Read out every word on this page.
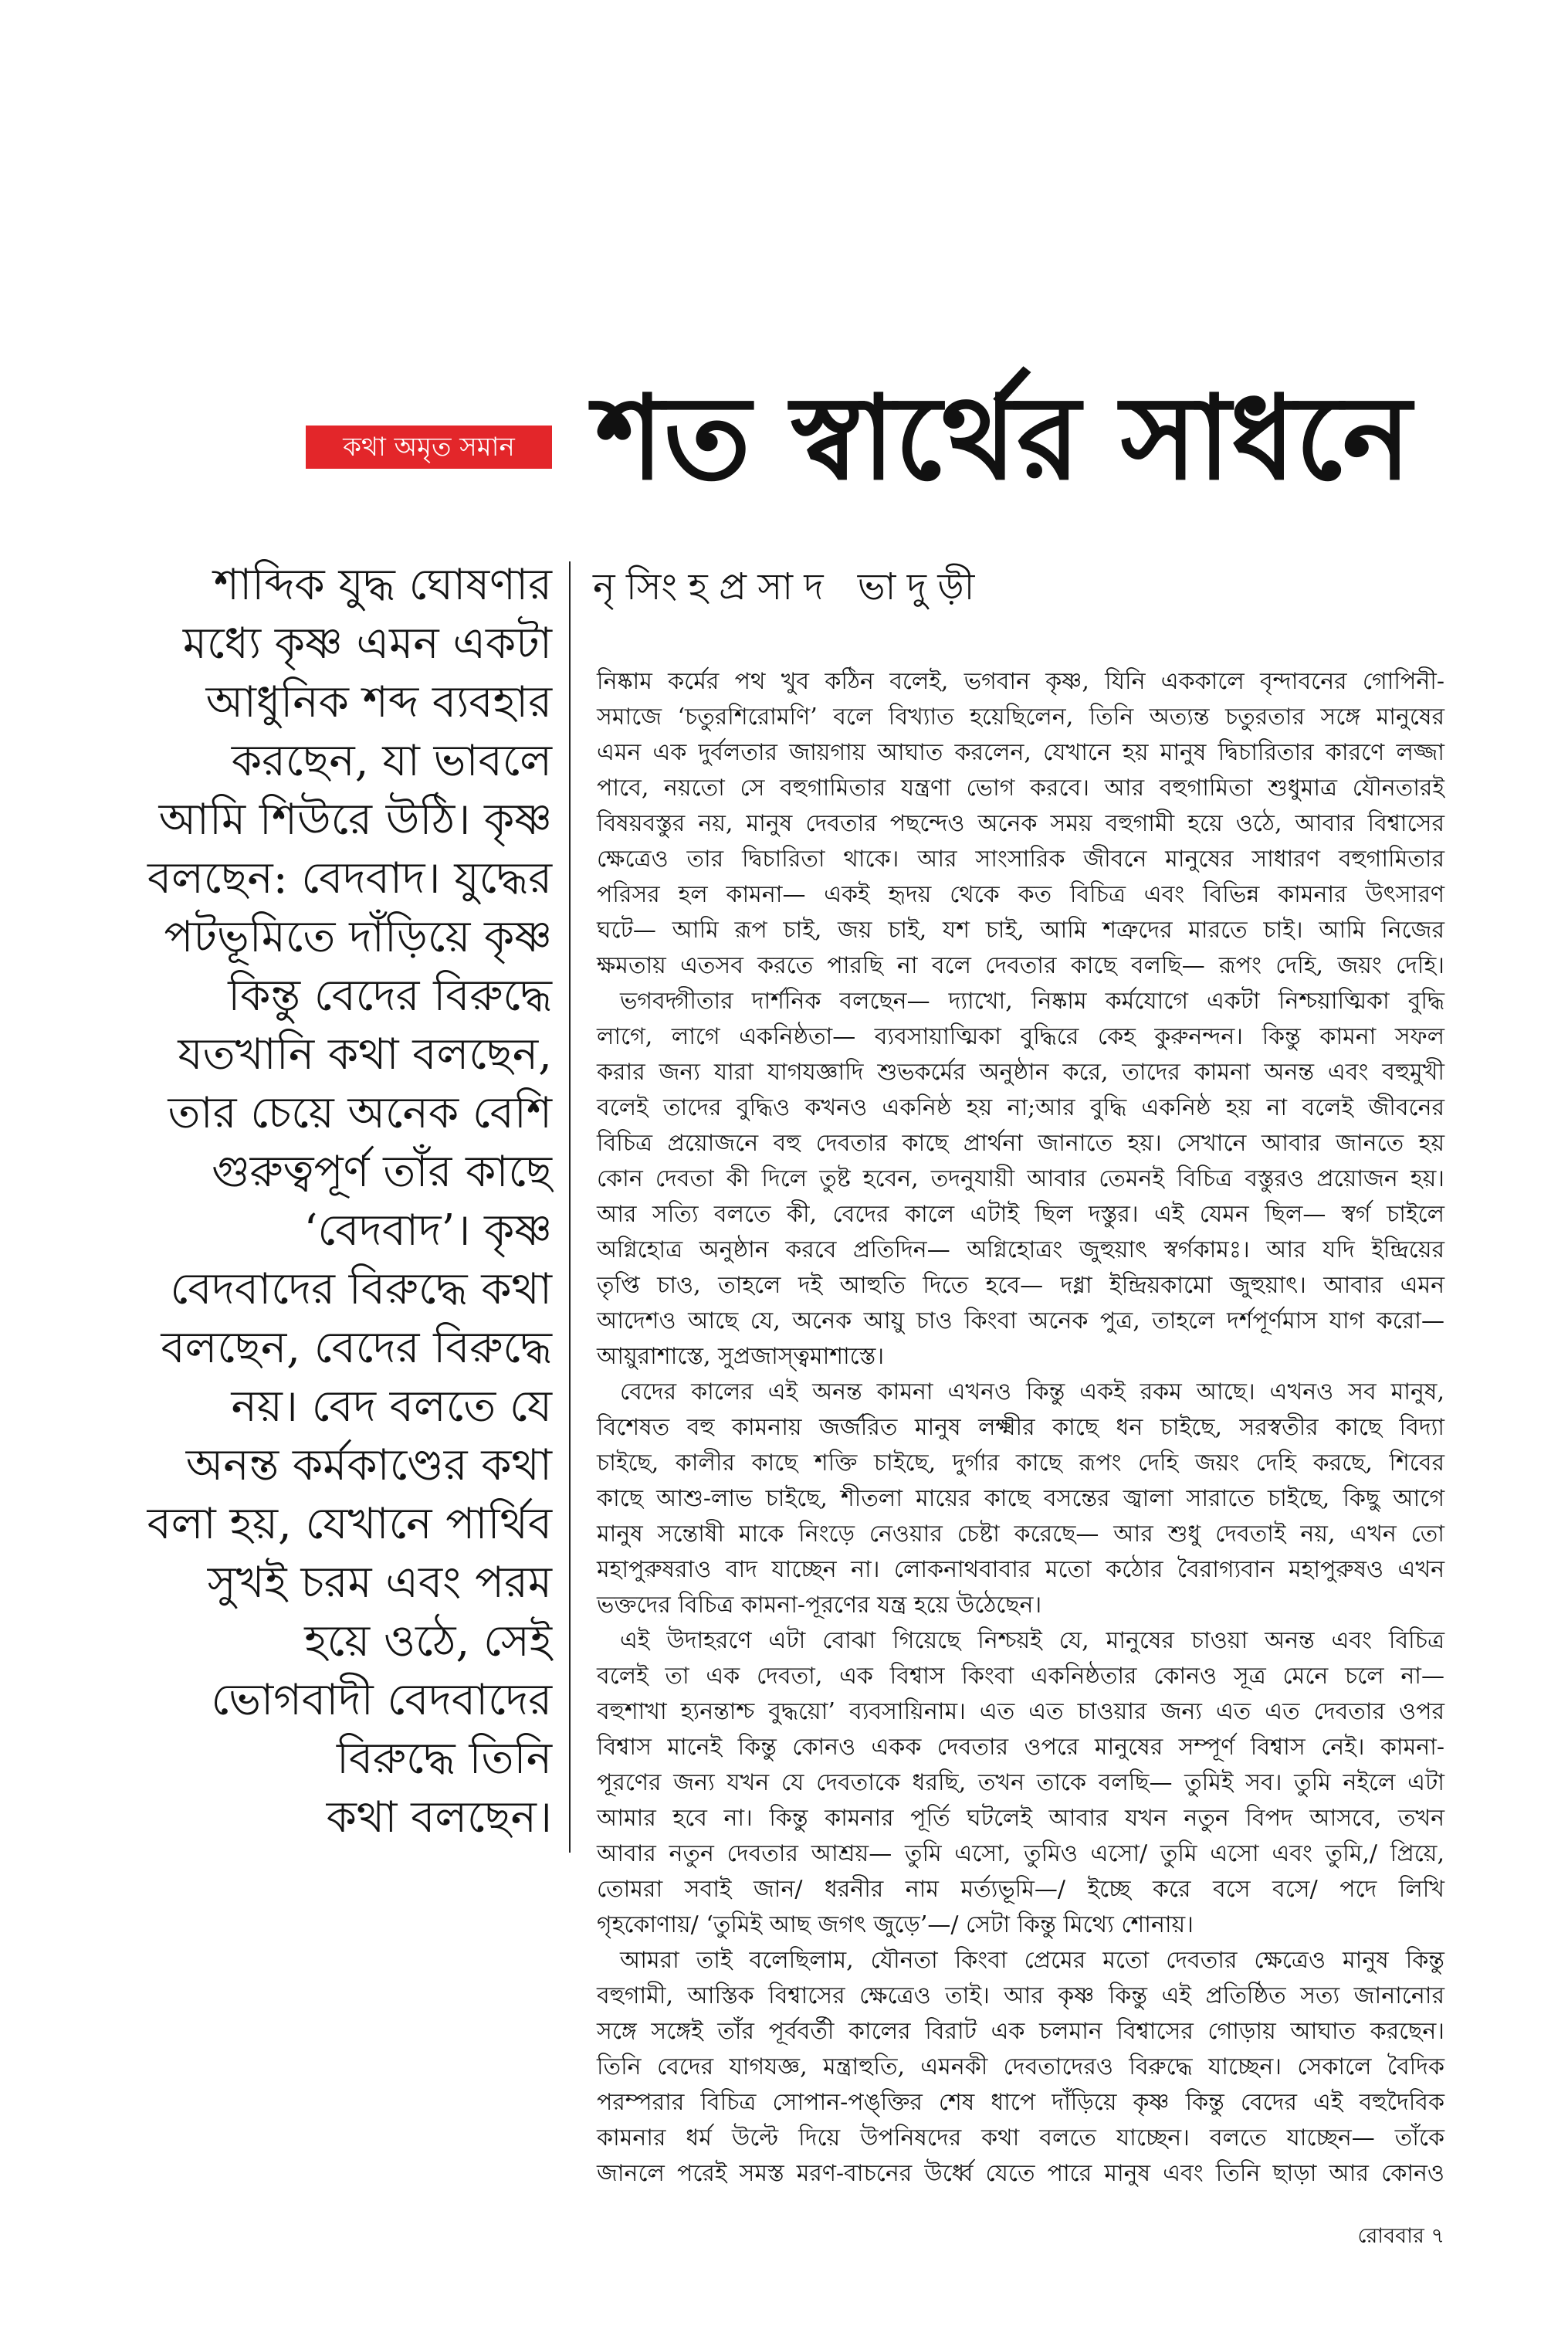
কথা অমৃত সমান শত স্বার্থের সাধনে
নৃসিংহপ্রসাদ ভাদুড়ী
শাব্দিক যুদ্ধ ঘোষণার
মধ্যে কৃষ্ণ এমন একটা
আধুনিক শব্দ ব্যবহার
করছেন, যা ভাবলে
আমি শিউরে উঠি। কৃষ্ণ
বলছেন: বেদবাদ। যুদ্ধের
পটভূমিতে দাঁড়িয়ে কৃষ্ণ
কিন্তু বেদের বিরুদ্ধে
যতখানি কথা বলছেন,
তার চেয়ে অনেক বেশি
গুরুত্বপূর্ণ তাঁর কাছে
‘বেদবাদ’। কৃষ্ণ
বেদবাদের বিরুদ্ধে কথা
বলছেন, বেদের বিরুদ্ধে
নয়। বেদ বলতে যে
অনন্ত কর্মকাণ্ডের কথা
বলা হয়, যেখানে পার্থিব
সুখই চরম এবং পরম
হয়ে ওঠে, সেই
ভোগবাদী বেদবাদের
বিরুদ্ধে তিনি
কথা বলছেন।
নিষ্কাম কর্মের পথ খুব কঠিন বলেই, ভগবান কৃষ্ণ, যিনি এককালে বৃন্দাবনের গোপিনী-
সমাজে ‘চতুরশিরোমণি’ বলে বিখ্যাত হয়েছিলেন, তিনি অত্যন্ত চতুরতার সঙ্গে মানুষের
এমন এক দুর্বলতার জায়গায় আঘাত করলেন, যেখানে হয় মানুষ দ্বিচারিতার কারণে লজ্জা
পাবে, নয়তো সে বহুগামিতার যন্ত্রণা ভোগ করবে। আর বহুগামিতা শুধুমাত্র যৌনতারই
বিষয়বস্তুর নয়, মানুষ দেবতার পছন্দেও অনেক সময় বহুগামী হয়ে ওঠে, আবার বিশ্বাসের
ক্ষেত্রেও তার দ্বিচারিতা থাকে। আর সাংসারিক জীবনে মানুষের সাধারণ বহুগামিতার
পরিসর হল কামনা— একই হৃদয় থেকে কত বিচিত্র এবং বিভিন্ন কামনার উৎসারণ
ঘটে— আমি রূপ চাই, জয় চাই, যশ চাই, আমি শত্রুদের মারতে চাই। আমি নিজের
ক্ষমতায় এতসব করতে পারছি না বলে দেবতার কাছে বলছি— রূপং দেহি, জয়ং দেহি।
ভগবদ্গীতার দার্শনিক বলছেন— দ্যাখো, নিষ্কাম কর্মযোগে একটা নিশ্চয়াত্মিকা বুদ্ধি
লাগে, লাগে একনিষ্ঠতা— ব্যবসায়াত্মিকা বুদ্ধিরে কেহ কুরুনন্দন। কিন্তু কামনা সফল
করার জন্য যারা যাগযজ্ঞাদি শুভকর্মের অনুষ্ঠান করে, তাদের কামনা অনন্ত এবং বহুমুখী
বলেই তাদের বুদ্ধিও কখনও একনিষ্ঠ হয় না;আর বুদ্ধি একনিষ্ঠ হয় না বলেই জীবনের
বিচিত্র প্রয়োজনে বহু দেবতার কাছে প্রার্থনা জানাতে হয়। সেখানে আবার জানতে হয়
কোন দেবতা কী দিলে তুষ্ট হবেন, তদনুযায়ী আবার তেমনই বিচিত্র বস্তুরও প্রয়োজন হয়।
আর সত্যি বলতে কী, বেদের কালে এটাই ছিল দস্তুর। এই যেমন ছিল— স্বর্গ চাইলে
অগ্নিহোত্র অনুষ্ঠান করবে প্রতিদিন— অগ্নিহোত্রং জুহুয়াৎ স্বর্গকামঃ। আর যদি ইন্দ্রিয়ের
তৃপ্তি চাও, তাহলে দই আহুতি দিতে হবে— দধ্না ইন্দ্রিয়কামো জুহুয়াৎ। আবার এমন
আদেশও আছে যে, অনেক আয়ু চাও কিংবা অনেক পুত্র, তাহলে দর্শপূর্ণমাস যাগ করো—
আয়ুরাশাস্তে, সুপ্রজাস্ত্বমাশাস্তে।
বেদের কালের এই অনন্ত কামনা এখনও কিন্তু একই রকম আছে। এখনও সব মানুষ,
বিশেষত বহু কামনায় জর্জরিত মানুষ লক্ষ্মীর কাছে ধন চাইছে, সরস্বতীর কাছে বিদ্যা
চাইছে, কালীর কাছে শক্তি চাইছে, দুর্গার কাছে রূপং দেহি জয়ং দেহি করছে, শিবের
কাছে আশু-লাভ চাইছে, শীতলা মায়ের কাছে বসন্তের জ্বালা সারাতে চাইছে, কিছু আগে
মানুষ সন্তোষী মাকে নিংড়ে নেওয়ার চেষ্টা করেছে— আর শুধু দেবতাই নয়, এখন তো
মহাপুরুষরাও বাদ যাচ্ছেন না। লোকনাথবাবার মতো কঠোর বৈরাগ্যবান মহাপুরুষও এখন
ভক্তদের বিচিত্র কামনা-পূরণের যন্ত্র হয়ে উঠেছেন।
এই উদাহরণে এটা বোঝা গিয়েছে নিশ্চয়ই যে, মানুষের চাওয়া অনন্ত এবং বিচিত্র
বলেই তা এক দেবতা, এক বিশ্বাস কিংবা একনিষ্ঠতার কোনও সূত্র মেনে চলে না—
বহুশাখা হ্যনন্তাশ্চ বুদ্ধয়ো’ ব্যবসায়িনাম। এত এত চাওয়ার জন্য এত এত দেবতার ওপর
বিশ্বাস মানেই কিন্তু কোনও একক দেবতার ওপরে মানুষের সম্পূর্ণ বিশ্বাস নেই। কামনা-
পূরণের জন্য যখন যে দেবতাকে ধরছি, তখন তাকে বলছি— তুমিই সব। তুমি নইলে এটা
আমার হবে না। কিন্তু কামনার পূর্তি ঘটলেই আবার যখন নতুন বিপদ আসবে, তখন
আবার নতুন দেবতার আশ্রয়— তুমি এসো, তুমিও এসো/ তুমি এসো এবং তুমি,/ প্রিয়ে,
তোমরা সবাই জান/ ধরনীর নাম মর্ত্যভূমি—/ ইচ্ছে করে বসে বসে/ পদে লিখি
গৃহকোণায়/ ‘তুমিই আছ জগৎ জুড়ে’—/ সেটা কিন্তু মিথ্যে শোনায়।
আমরা তাই বলেছিলাম, যৌনতা কিংবা প্রেমের মতো দেবতার ক্ষেত্রেও মানুষ কিন্তু
বহুগামী, আস্তিক বিশ্বাসের ক্ষেত্রেও তাই। আর কৃষ্ণ কিন্তু এই প্রতিষ্ঠিত সত্য জানানোর
সঙ্গে সঙ্গেই তাঁর পূর্ববর্তী কালের বিরাট এক চলমান বিশ্বাসের গোড়ায় আঘাত করছেন।
তিনি বেদের যাগযজ্ঞ, মন্ত্রাহুতি, এমনকী দেবতাদেরও বিরুদ্ধে যাচ্ছেন। সেকালে বৈদিক
পরম্পরার বিচিত্র সোপান-পঙ্‌ক্তির শেষ ধাপে দাঁড়িয়ে কৃষ্ণ কিন্তু বেদের এই বহুদৈবিক
কামনার ধর্ম উল্টে দিয়ে উপনিষদের কথা বলতে যাচ্ছেন। বলতে যাচ্ছেন— তাঁকে
জানলে পরেই সমস্ত মরণ-বাচনের উর্ধ্বে যেতে পারে মানুষ এবং তিনি ছাড়া আর কোনও
রোববার ৭
